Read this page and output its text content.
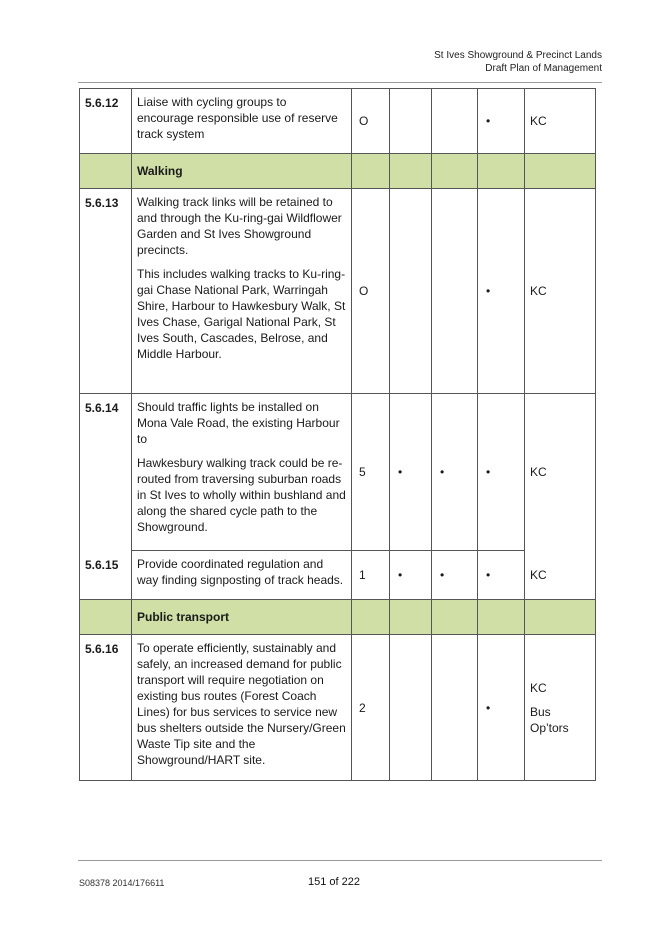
St Ives Showground & Precinct Lands
Draft Plan of Management
5.6.12	Liaise with cycling groups to encourage responsible use of reserve track system	O			•	KC
	Walking					
5.6.13	Walking track links will be retained to and through the Ku-ring-gai Wildflower Garden and St Ives Showground precincts.

This includes walking tracks to Ku-ring-gai Chase National Park, Warringah Shire, Harbour to Hawkesbury Walk, St Ives Chase, Garigal National Park, St Ives South, Cascades, Belrose, and Middle Harbour.	O			•	KC
5.6.14	Should traffic lights be installed on Mona Vale Road, the existing Harbour to

Hawkesbury walking track could be re-routed from traversing suburban roads in St Ives to wholly within bushland and along the shared cycle path to the Showground.	5	•	•	•	KC
5.6.15	Provide coordinated regulation and way finding signposting of track heads.	1	•	•	•	KC
	Public transport					
5.6.16	To operate efficiently, sustainably and safely, an increased demand for public transport will require negotiation on existing bus routes (Forest Coach Lines) for bus services to service new bus shelters outside the Nursery/Green Waste Tip site and the Showground/HART site.	2			•	KC

Bus Op’tors

S08378 2014/176611	151 of 222
